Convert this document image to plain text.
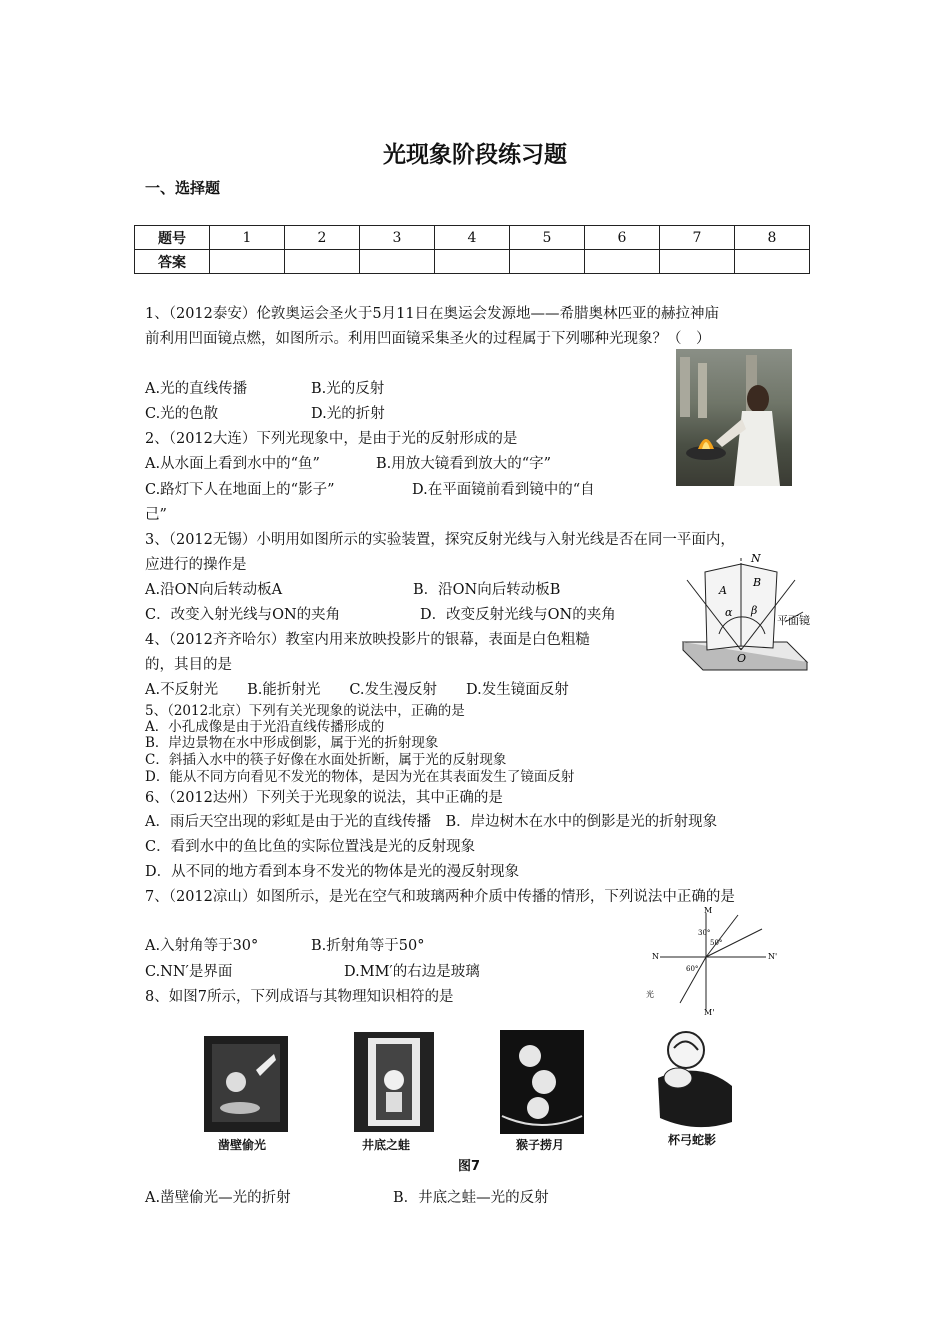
光现象阶段练习题
一、选择题
题号	1	2	3	4	5	6	7	8
答案								
1、（2012泰安）伦敦奥运会圣火于5月11日在奥运会发源地——希腊奥林匹亚的赫拉神庙
前利用凹面镜点燃，如图所示。利用凹面镜采集圣火的过程属于下列哪种光现象？（　）
A.光的直线传播	B.光的反射
C.光的色散	D.光的折射
2、（2012大连）下列光现象中，是由于光的反射形成的是
A.从水面上看到水中的“鱼”	B.用放大镜看到放大的“字”
C.路灯下人在地面上的“影子”	D.在平面镜前看到镜中的“自
己”
3、（2012无锡）小明用如图所示的实验装置，探究反射光线与入射光线是否在同一平面内，
应进行的操作是
A.沿ON向后转动板A	B．沿ON向后转动板B
C．改变入射光线与ON的夹角	D．改变反射光线与ON的夹角
N
A
B
α β
O
平面镜
4、（2012齐齐哈尔）教室内用来放映投影片的银幕，表面是白色粗糙
的，其目的是
A.不反射光　　B.能折射光　　C.发生漫反射　　D.发生镜面反射
5、（2012北京）下列有关光现象的说法中，正确的是
A．小孔成像是由于光沿直线传播形成的
B．岸边景物在水中形成倒影，属于光的折射现象
C．斜插入水中的筷子好像在水面处折断，属于光的反射现象
D．能从不同方向看见不发光的物体，是因为光在其表面发生了镜面反射
6、（2012达州）下列关于光现象的说法，其中正确的是
A．雨后天空出现的彩虹是由于光的直线传播　B．岸边树木在水中的倒影是光的折射现象
C．看到水中的鱼比鱼的实际位置浅是光的反射现象
D．从不同的地方看到本身不发光的物体是光的漫反射现象
7、（2012凉山）如图所示，是光在空气和玻璃两种介质中传播的情形，下列说法中正确的是
A.入射角等于30°	B.折射角等于50°
C.NN′是界面	D.MM′的右边是玻璃
M
M'
N	N'
30°
50°
60°
光
8、如图7所示，下列成语与其物理知识相符的是
凿壁偷光	井底之蛙	猴子捞月	杯弓蛇影
图7
A.凿壁偷光—光的折射	B．井底之蛙—光的反射
